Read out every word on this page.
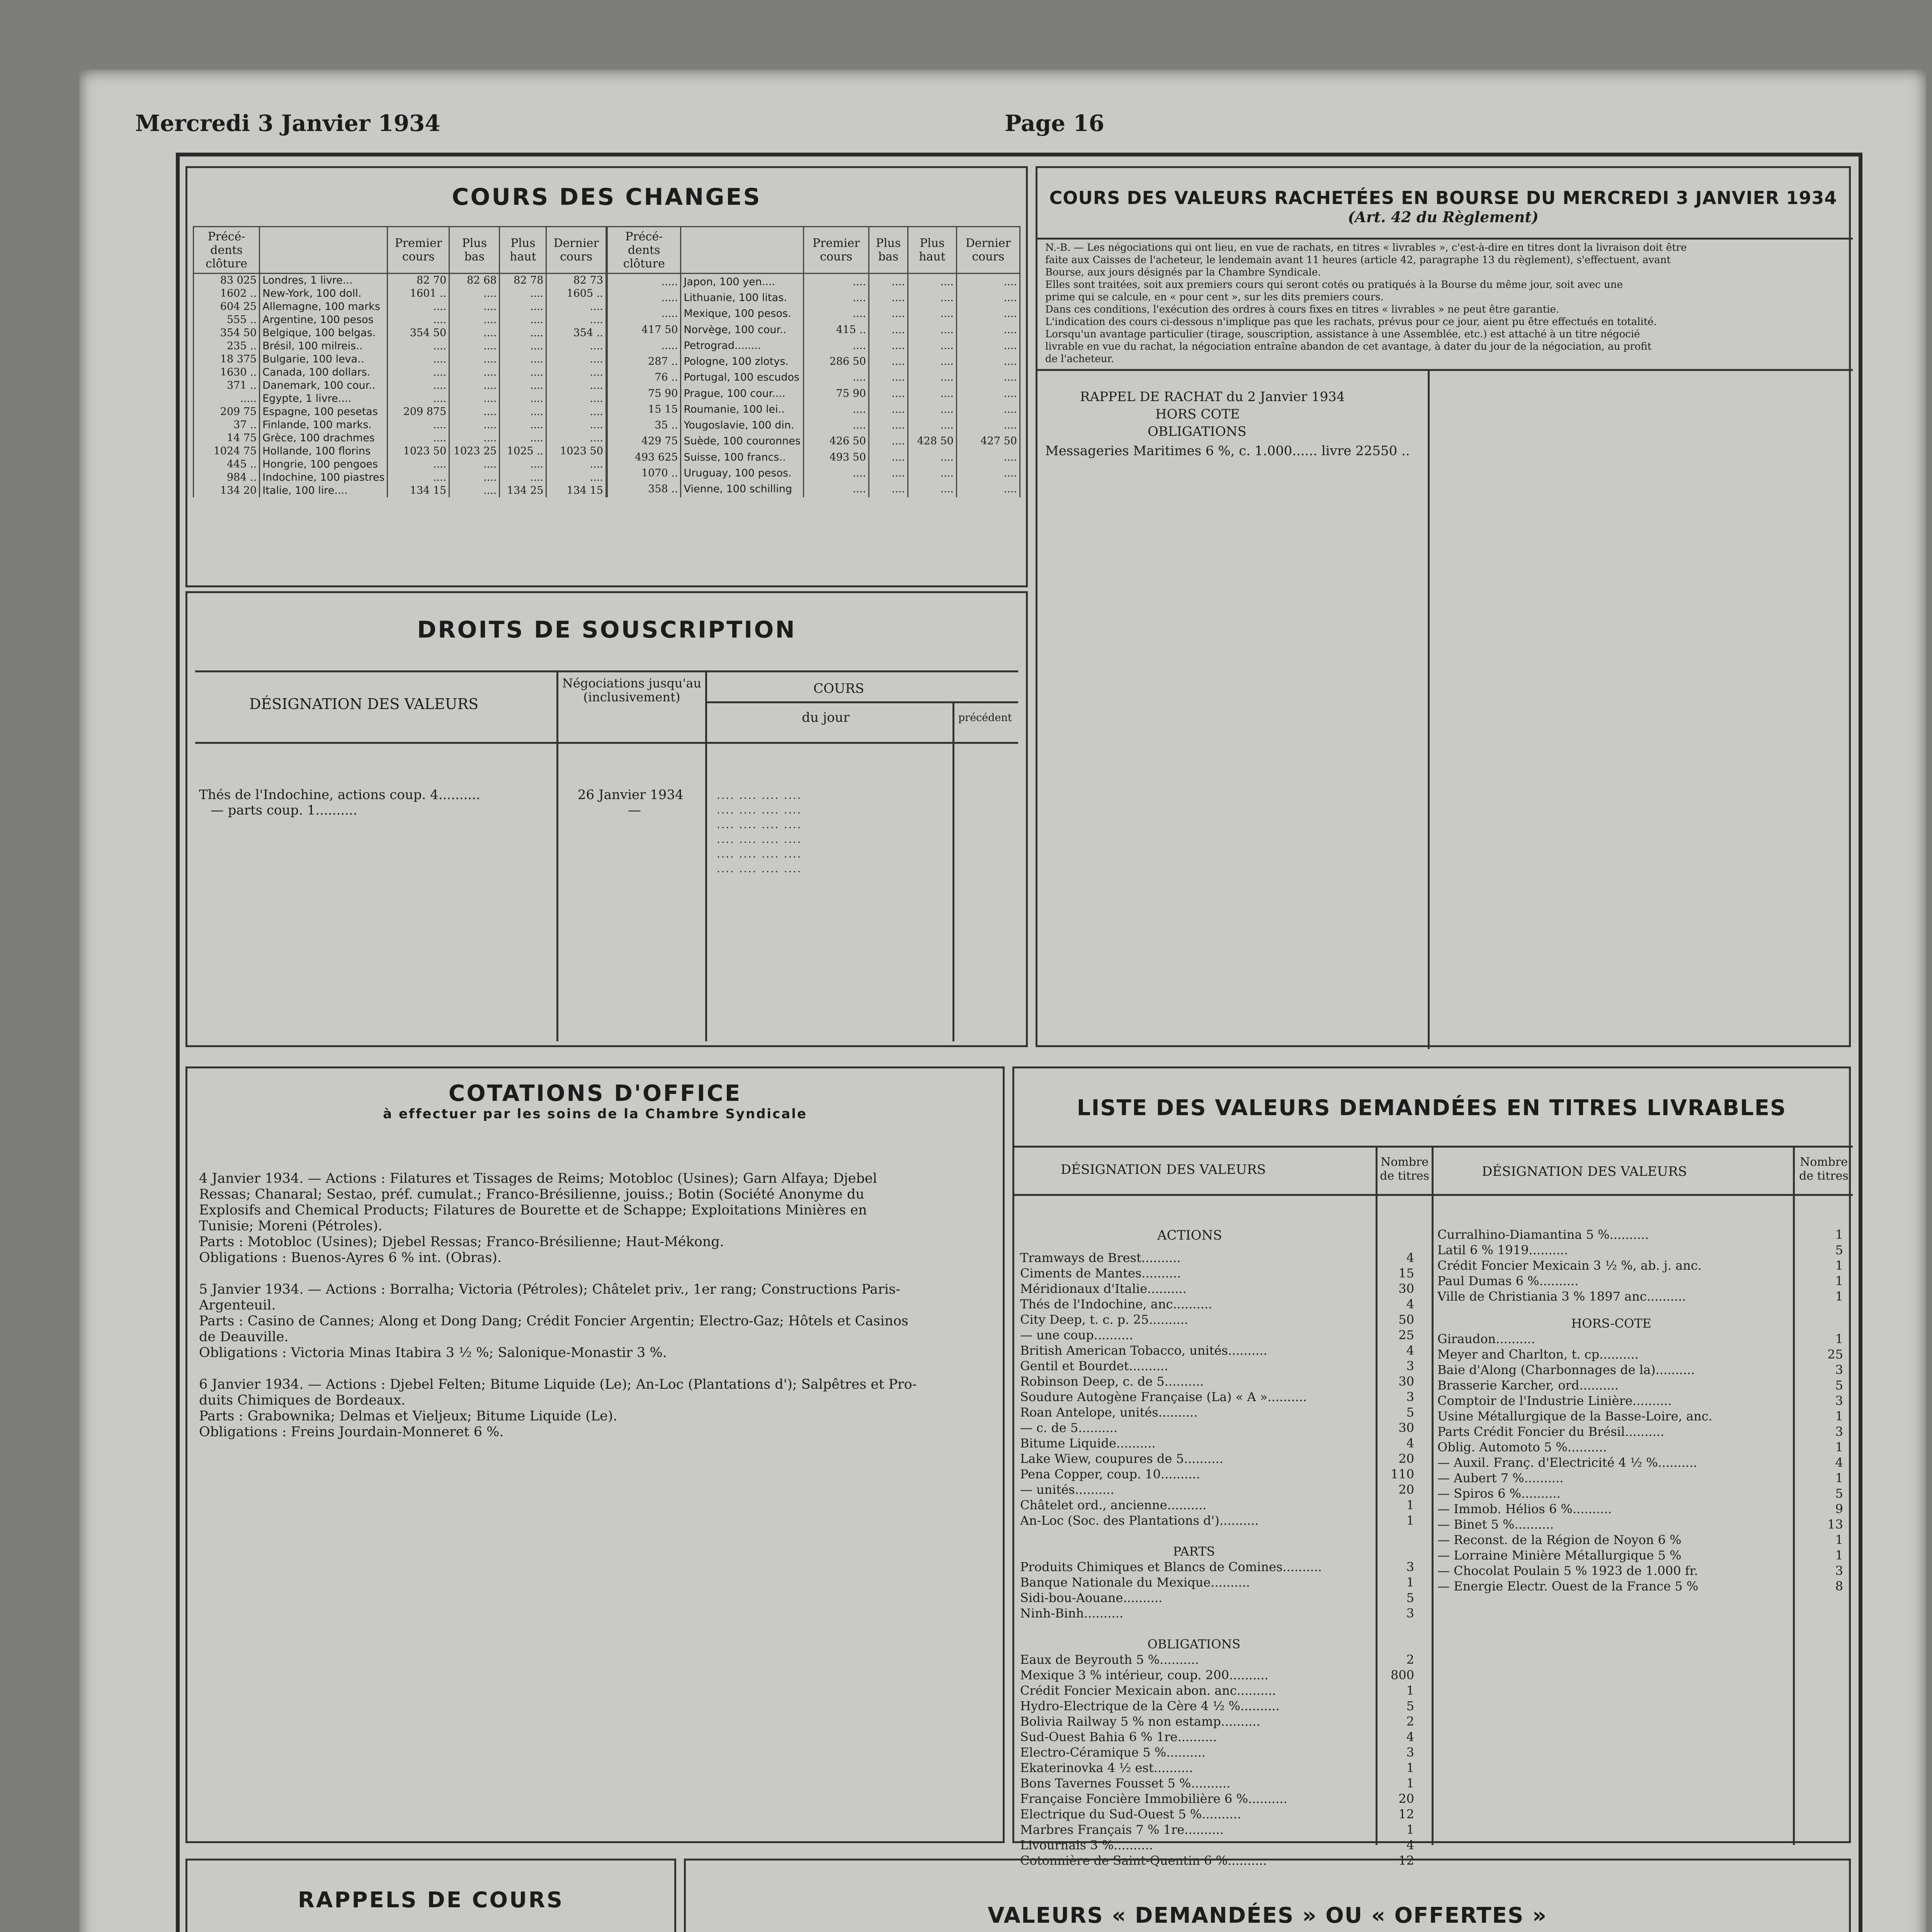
Mercredi 3 Janvier 1934	Page 16
COURS DES CHANGES
Précé-dents clôture		Premier cours	Plus bas	Plus haut	Dernier cours
83 025	Londres, 1 livre...	82 70	82 68	82 78	82 73
1602 ..	New-York, 100 doll.	1601 ..	....	....	1605 ..
604 25	Allemagne, 100 marks	....	....	....	....
555 ..	Argentine, 100 pesos	....	....	....	....
354 50	Belgique, 100 belgas.	354 50	....	....	354 ..
235 ..	Brésil, 100 milreis..	....	....	....	....
18 375	Bulgarie, 100 leva..	....	....	....	....
1630 ..	Canada, 100 dollars.	....	....	....	....
371 ..	Danemark, 100 cour..	....	....	....	....
.....	Egypte, 1 livre....	....	....	....	....
209 75	Espagne, 100 pesetas	209 875	....	....	....
37 ..	Finlande, 100 marks.	....	....	....	....
14 75	Grèce, 100 drachmes	....	....	....	....
1024 75	Hollande, 100 florins	1023 50	1023 25	1025 ..	1023 50
445 ..	Hongrie, 100 pengoes	....	....	....	....
984 ..	Indochine, 100 piastres	....	....	....	....
134 20	Italie, 100 lire....	134 15	....	134 25	134 15
Précé-dents clôture		Premier cours	Plus bas	Plus haut	Dernier cours
.....	Japon, 100 yen....	....	....	....	....
.....	Lithuanie, 100 litas.	....	....	....	....
.....	Mexique, 100 pesos.	....	....	....	....
417 50	Norvège, 100 cour..	415 ..	....	....	....
.....	Petrograd........	....	....	....	....
287 ..	Pologne, 100 zlotys.	286 50	....	....	....
76 ..	Portugal, 100 escudos	....	....	....	....
75 90	Prague, 100 cour....	75 90	....	....	....
15 15	Roumanie, 100 lei..	....	....	....	....
35 ..	Yougoslavie, 100 din.	....	....	....	....
429 75	Suède, 100 couronnes	426 50	....	428 50	427 50
493 625	Suisse, 100 francs..	493 50	....	....	....
1070 ..	Uruguay, 100 pesos.	....	....	....	....
358 ..	Vienne, 100 schilling	....	....	....	....
DROITS DE SOUSCRIPTION
DÉSIGNATION DES VALEURS
Négociations jusqu'au (inclusivement)
COURS
du jour	précédent
Thés de l'Indochine, actions coup. 4..........	26 Janvier 1934
— parts coup. 1..........	—
.... .... .... ....
.... .... .... ....
.... .... .... ....
.... .... .... ....
.... .... .... ....
.... .... .... ....
COURS DES VALEURS RACHETÉES EN BOURSE DU MERCREDI 3 JANVIER 1934
(Art. 42 du Règlement)
N.-B. — Les négociations qui ont lieu, en vue de rachats, en titres « livrables », c'est-à-dire en titres dont la livraison doit être
faite aux Caisses de l'acheteur, le lendemain avant 11 heures (article 42, paragraphe 13 du règlement), s'effectuent, avant
Bourse, aux jours désignés par la Chambre Syndicale.
Elles sont traitées, soit aux premiers cours qui seront cotés ou pratiqués à la Bourse du même jour, soit avec une
prime qui se calcule, en « pour cent », sur les dits premiers cours.
Dans ces conditions, l'exécution des ordres à cours fixes en titres « livrables » ne peut être garantie.
L'indication des cours ci-dessous n'implique pas que les rachats, prévus pour ce jour, aient pu être effectués en totalité.
Lorsqu'un avantage particulier (tirage, souscription, assistance à une Assemblée, etc.) est attaché à un titre négocié
livrable en vue du rachat, la négociation entraîne abandon de cet avantage, à dater du jour de la négociation, au profit
de l'acheteur.
RAPPEL DE RACHAT du 2 Janvier 1934
HORS COTE
OBLIGATIONS
Messageries Maritimes 6 %, c. 1.000...... livre 22550 ..
COTATIONS D'OFFICE
à effectuer par les soins de la Chambre Syndicale
4 Janvier 1934. — Actions : Filatures et Tissages de Reims; Motobloc (Usines); Garn Alfaya; Djebel
Ressas; Chanaral; Sestao, préf. cumulat.; Franco-Brésilienne, jouiss.; Botin (Société Anonyme du
Explosifs and Chemical Products; Filatures de Bourette et de Schappe; Exploitations Minières en
Tunisie; Moreni (Pétroles).
Parts : Motobloc (Usines); Djebel Ressas; Franco-Brésilienne; Haut-Mékong.
Obligations : Buenos-Ayres 6 % int. (Obras).
5 Janvier 1934. — Actions : Borralha; Victoria (Pétroles); Châtelet priv., 1er rang; Constructions Paris-
Argenteuil.
Parts : Casino de Cannes; Along et Dong Dang; Crédit Foncier Argentin; Electro-Gaz; Hôtels et Casinos
de Deauville.
Obligations : Victoria Minas Itabira 3 ½ %; Salonique-Monastir 3 %.
6 Janvier 1934. — Actions : Djebel Felten; Bitume Liquide (Le); An-Loc (Plantations d'); Salpêtres et Pro-
duits Chimiques de Bordeaux.
Parts : Grabownika; Delmas et Vieljeux; Bitume Liquide (Le).
Obligations : Freins Jourdain-Monneret 6 %.
LISTE DES VALEURS DEMANDÉES EN TITRES LIVRABLES
DÉSIGNATION DES VALEURS	Nombre de titres	DÉSIGNATION DES VALEURS
Nombre de titres
ACTIONS
Tramways de Brest..........	4
Ciments de Mantes..........	15
Méridionaux d'Italie..........	30
Thés de l'Indochine, anc..........	4
City Deep, t. c. p. 25..........	50
— une coup..........	25
British American Tobacco, unités..........	4
Gentil et Bourdet..........	3
Robinson Deep, c. de 5..........	30
Soudure Autogène Française (La) « A »..........	3
Roan Antelope, unités..........	5
— c. de 5..........	30
Bitume Liquide..........	4
Lake Wiew, coupures de 5..........	20
Pena Copper, coup. 10..........	110
— unités..........	20
Châtelet ord., ancienne..........	1
An-Loc (Soc. des Plantations d')..........	1
PARTS
Produits Chimiques et Blancs de Comines..........	3
Banque Nationale du Mexique..........	1
Sidi-bou-Aouane..........	5
Ninh-Binh..........	3
OBLIGATIONS
Eaux de Beyrouth 5 %..........	2
Mexique 3 % intérieur, coup. 200..........	800
Crédit Foncier Mexicain abon. anc..........	1
Hydro-Electrique de la Cère 4 ½ %..........	5
Bolivia Railway 5 % non estamp..........	2
Sud-Ouest Bahia 6 % 1re..........	4
Electro-Céramique 5 %..........	3
Ekaterinovka 4 ½ est..........	1
Bons Tavernes Fousset 5 %..........	1
Française Foncière Immobilière 6 %..........	20
Electrique du Sud-Ouest 5 %..........	12
Marbres Français 7 % 1re..........	1
Livournais 3 %..........	4
Cotonnière de Saint-Quentin 6 %..........	12
Curralhino-Diamantina 5 %..........	1
Latil 6 % 1919..........	5
Crédit Foncier Mexicain 3 ½ %, ab. j. anc.	1
Paul Dumas 6 %..........	1
Ville de Christiania 3 % 1897 anc..........	1
HORS-COTE
Giraudon..........	1
Meyer and Charlton, t. cp..........	25
Baie d'Along (Charbonnages de la)..........	3
Brasserie Karcher, ord..........	5
Comptoir de l'Industrie Linière..........	3
Usine Métallurgique de la Basse-Loire, anc.	1
Parts Crédit Foncier du Brésil..........	3
Oblig. Automoto 5 %..........	1
— Auxil. Franç. d'Electricité 4 ½ %..........	4
— Aubert 7 %..........	1
— Spiros 6 %..........	5
— Immob. Hélios 6 %..........	9
— Binet 5 %..........	13
— Reconst. de la Région de Noyon 6 %	1
— Lorraine Minière Métallurgique 5 %	1
— Chocolat Poulain 5 % 1923 de 1.000 fr.	3
— Energie Electr. Ouest de la France 5 %	8
RAPPELS DE COURS
VALEURS « DEMANDÉES » OU « OFFERTES »
